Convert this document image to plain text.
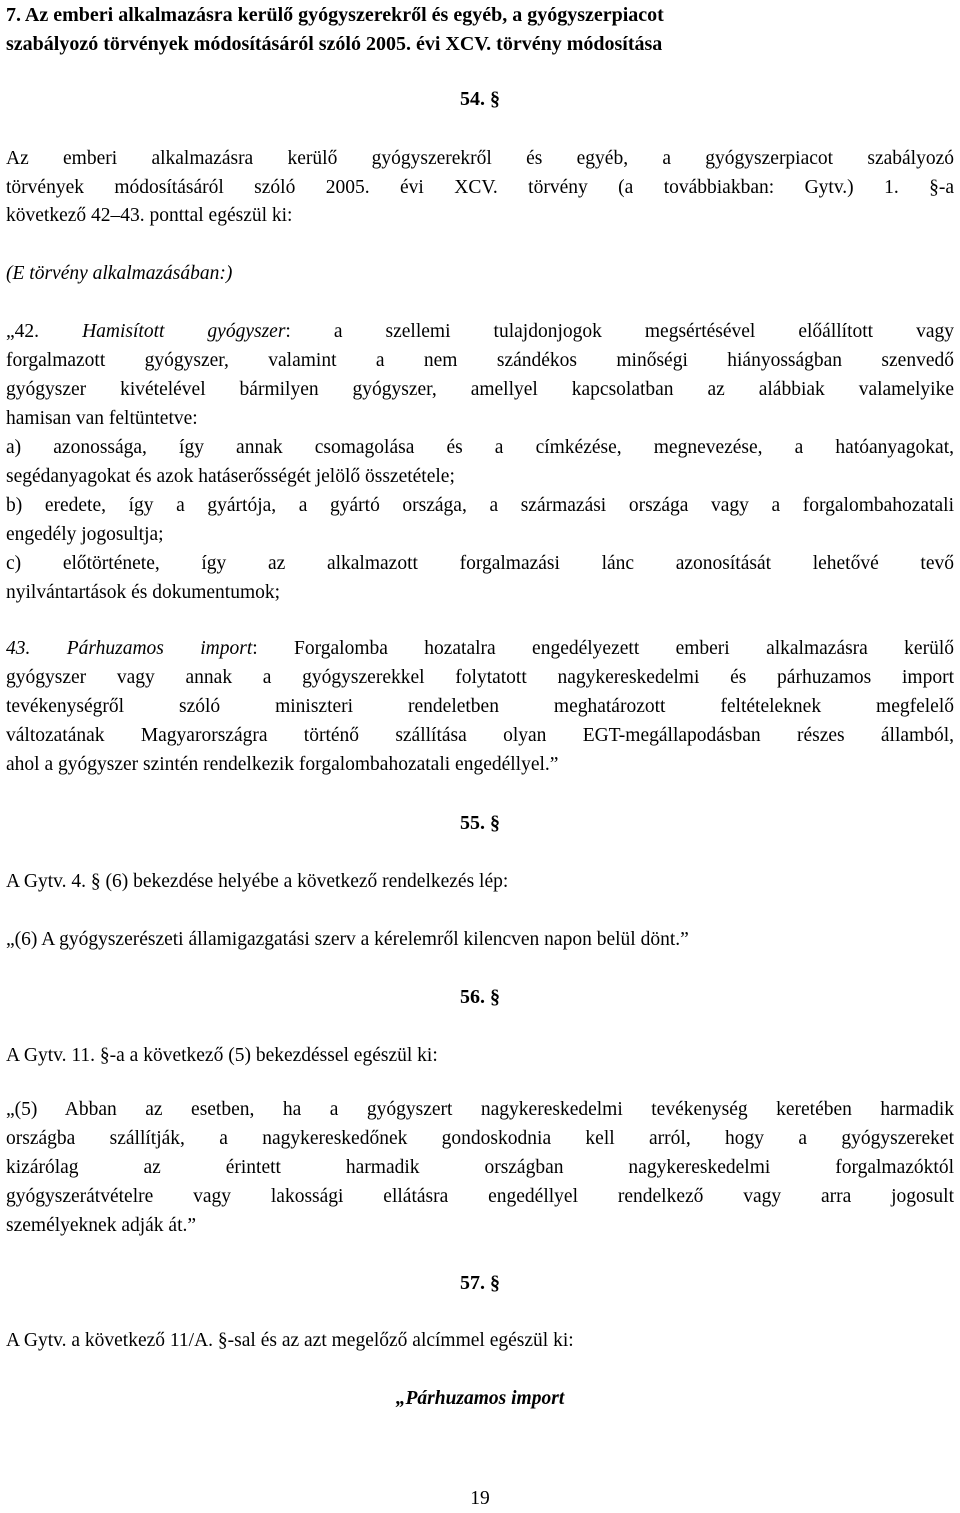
7. Az emberi alkalmazásra kerülő gyógyszerekről és egyéb, a gyógyszerpiacot
szabályozó törvények módosításáról szóló 2005. évi XCV. törvény módosítása
54. §
Az emberi alkalmazásra kerülő gyógyszerekről és egyéb, a gyógyszerpiacot szabályozó
törvények módosításáról szóló 2005. évi XCV. törvény (a továbbiakban: Gytv.) 1. §-a
következő 42–43. ponttal egészül ki:
(E törvény alkalmazásában:)
„42. Hamisított gyógyszer: a szellemi tulajdonjogok megsértésével előállított vagy
forgalmazott gyógyszer, valamint a nem szándékos minőségi hiányosságban szenvedő
gyógyszer kivételével bármilyen gyógyszer, amellyel kapcsolatban az alábbiak valamelyike
hamisan van feltüntetve:
a) azonossága, így annak csomagolása és a címkézése, megnevezése, a hatóanyagokat,
segédanyagokat és azok hatáserősségét jelölő összetétele;
b) eredete, így a gyártója, a gyártó országa, a származási országa vagy a forgalombahozatali
engedély jogosultja;
c) előtörténete, így az alkalmazott forgalmazási lánc azonosítását lehetővé tevő
nyilvántartások és dokumentumok;
43. Párhuzamos import: Forgalomba hozatalra engedélyezett emberi alkalmazásra kerülő
gyógyszer vagy annak a gyógyszerekkel folytatott nagykereskedelmi és párhuzamos import
tevékenységről szóló miniszteri rendeletben meghatározott feltételeknek megfelelő
változatának Magyarországra történő szállítása olyan EGT-megállapodásban részes államból,
ahol a gyógyszer szintén rendelkezik forgalombahozatali engedéllyel.”
55. §
A Gytv. 4. § (6) bekezdése helyébe a következő rendelkezés lép:
„(6) A gyógyszerészeti államigazgatási szerv a kérelemről kilencven napon belül dönt.”
56. §
A Gytv. 11. §-a a következő (5) bekezdéssel egészül ki:
„(5) Abban az esetben, ha a gyógyszert nagykereskedelmi tevékenység keretében harmadik
országba szállítják, a nagykereskedőnek gondoskodnia kell arról, hogy a gyógyszereket
kizárólag az érintett harmadik országban nagykereskedelmi forgalmazóktól
gyógyszerátvételre vagy lakossági ellátásra engedéllyel rendelkező vagy arra jogosult
személyeknek adják át.”
57. §
A Gytv. a következő 11/A. §-sal és az azt megelőző alcímmel egészül ki:
„Párhuzamos import
19
